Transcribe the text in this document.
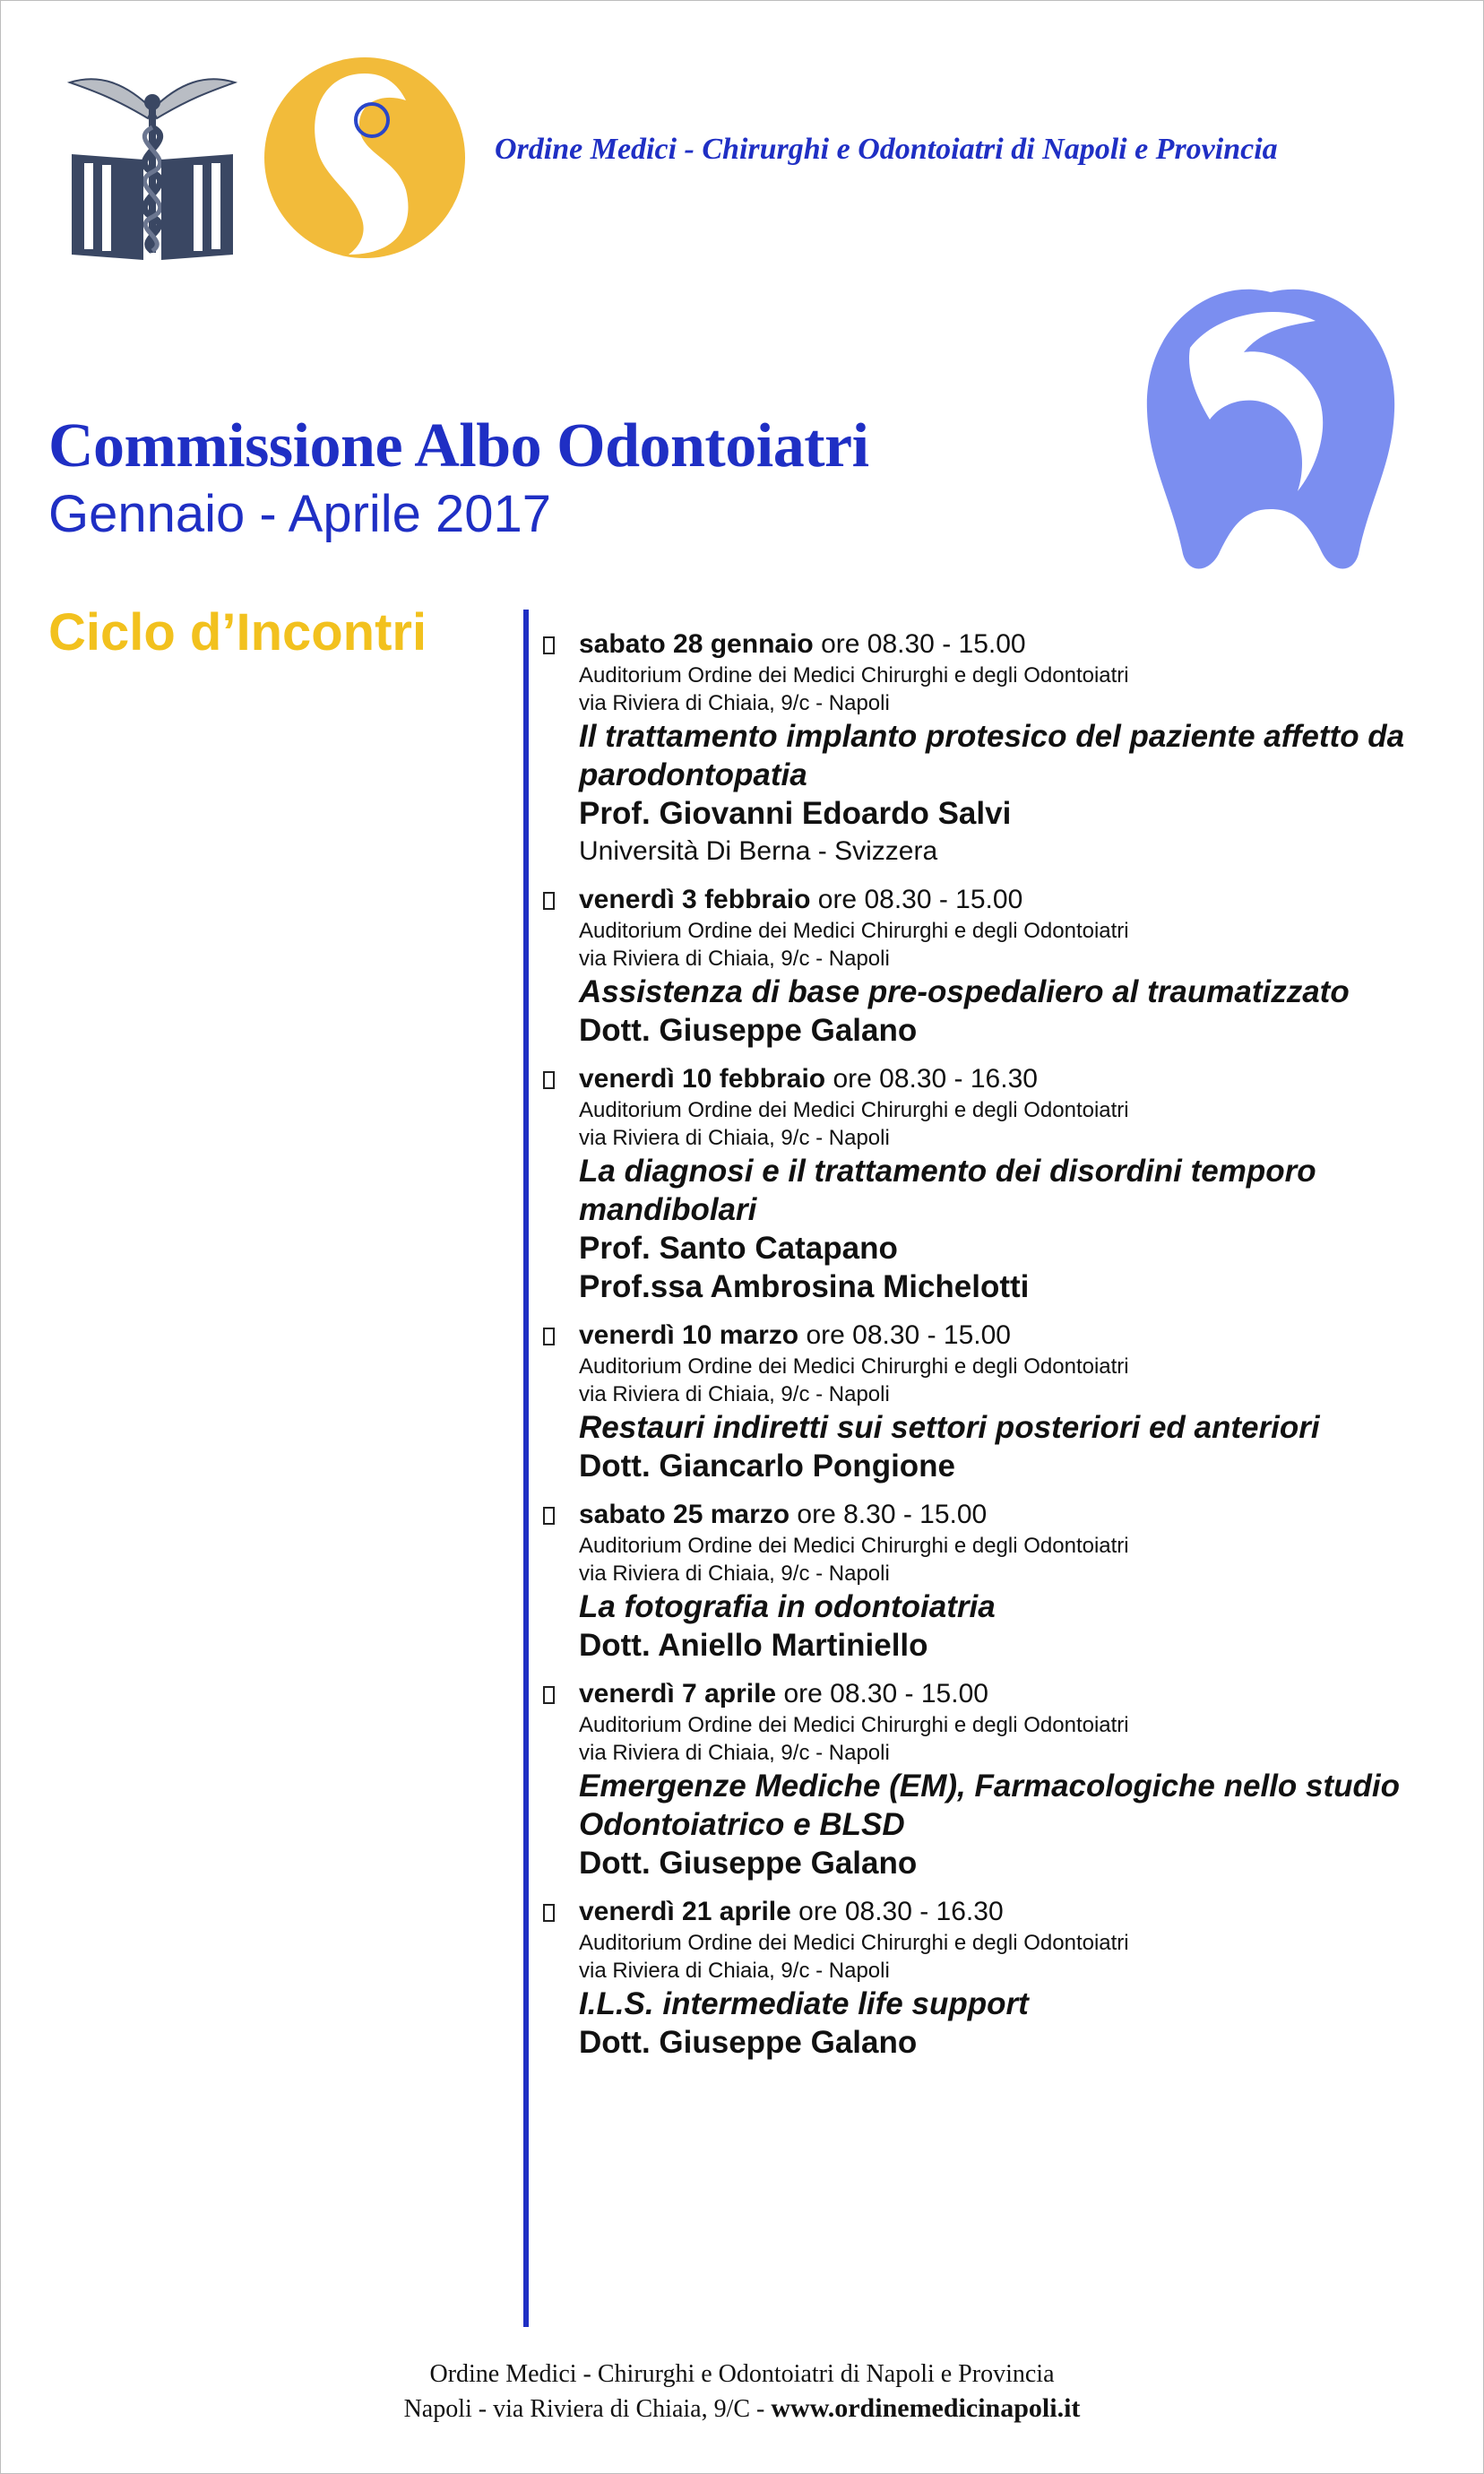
Ordine Medici - Chirurghi e Odontoiatri di Napoli e Provincia
Commissione Albo Odontoiatri
Gennaio - Aprile 2017
Ciclo d’Incontri	sabato 28 gennaio ore 08.30 - 15.00
Auditorium Ordine dei Medici Chirurghi e degli Odontoiatri
via Riviera di Chiaia, 9/c - Napoli
Il trattamento implanto protesico del paziente affetto da parodontopatia
Prof. Giovanni Edoardo Salvi
Università Di Berna - Svizzera
venerdì 3 febbraio ore 08.30 - 15.00
Auditorium Ordine dei Medici Chirurghi e degli Odontoiatri
via Riviera di Chiaia, 9/c - Napoli
Assistenza di base pre-ospedaliero al traumatizzato
Dott. Giuseppe Galano
venerdì 10 febbraio ore 08.30 - 16.30
Auditorium Ordine dei Medici Chirurghi e degli Odontoiatri
via Riviera di Chiaia, 9/c - Napoli
La diagnosi e il trattamento dei disordini temporo mandibolari
Prof. Santo Catapano
Prof.ssa Ambrosina Michelotti
venerdì 10 marzo ore 08.30 - 15.00
Auditorium Ordine dei Medici Chirurghi e degli Odontoiatri
via Riviera di Chiaia, 9/c - Napoli
Restauri indiretti sui settori posteriori ed anteriori
Dott. Giancarlo Pongione
sabato 25 marzo ore 8.30 - 15.00
Auditorium Ordine dei Medici Chirurghi e degli Odontoiatri
via Riviera di Chiaia, 9/c - Napoli
La fotografia in odontoiatria
Dott. Aniello Martiniello
venerdì 7 aprile ore 08.30 - 15.00
Auditorium Ordine dei Medici Chirurghi e degli Odontoiatri
via Riviera di Chiaia, 9/c - Napoli
Emergenze Mediche (EM), Farmacologiche nello studio Odontoiatrico e BLSD
Dott. Giuseppe Galano
venerdì 21 aprile ore 08.30 - 16.30
Auditorium Ordine dei Medici Chirurghi e degli Odontoiatri
via Riviera di Chiaia, 9/c - Napoli
I.L.S. intermediate life support
Dott. Giuseppe Galano
Ordine Medici - Chirurghi e Odontoiatri di Napoli e Provincia
Napoli - via Riviera di Chiaia, 9/C - www.ordinemedicinapoli.it
